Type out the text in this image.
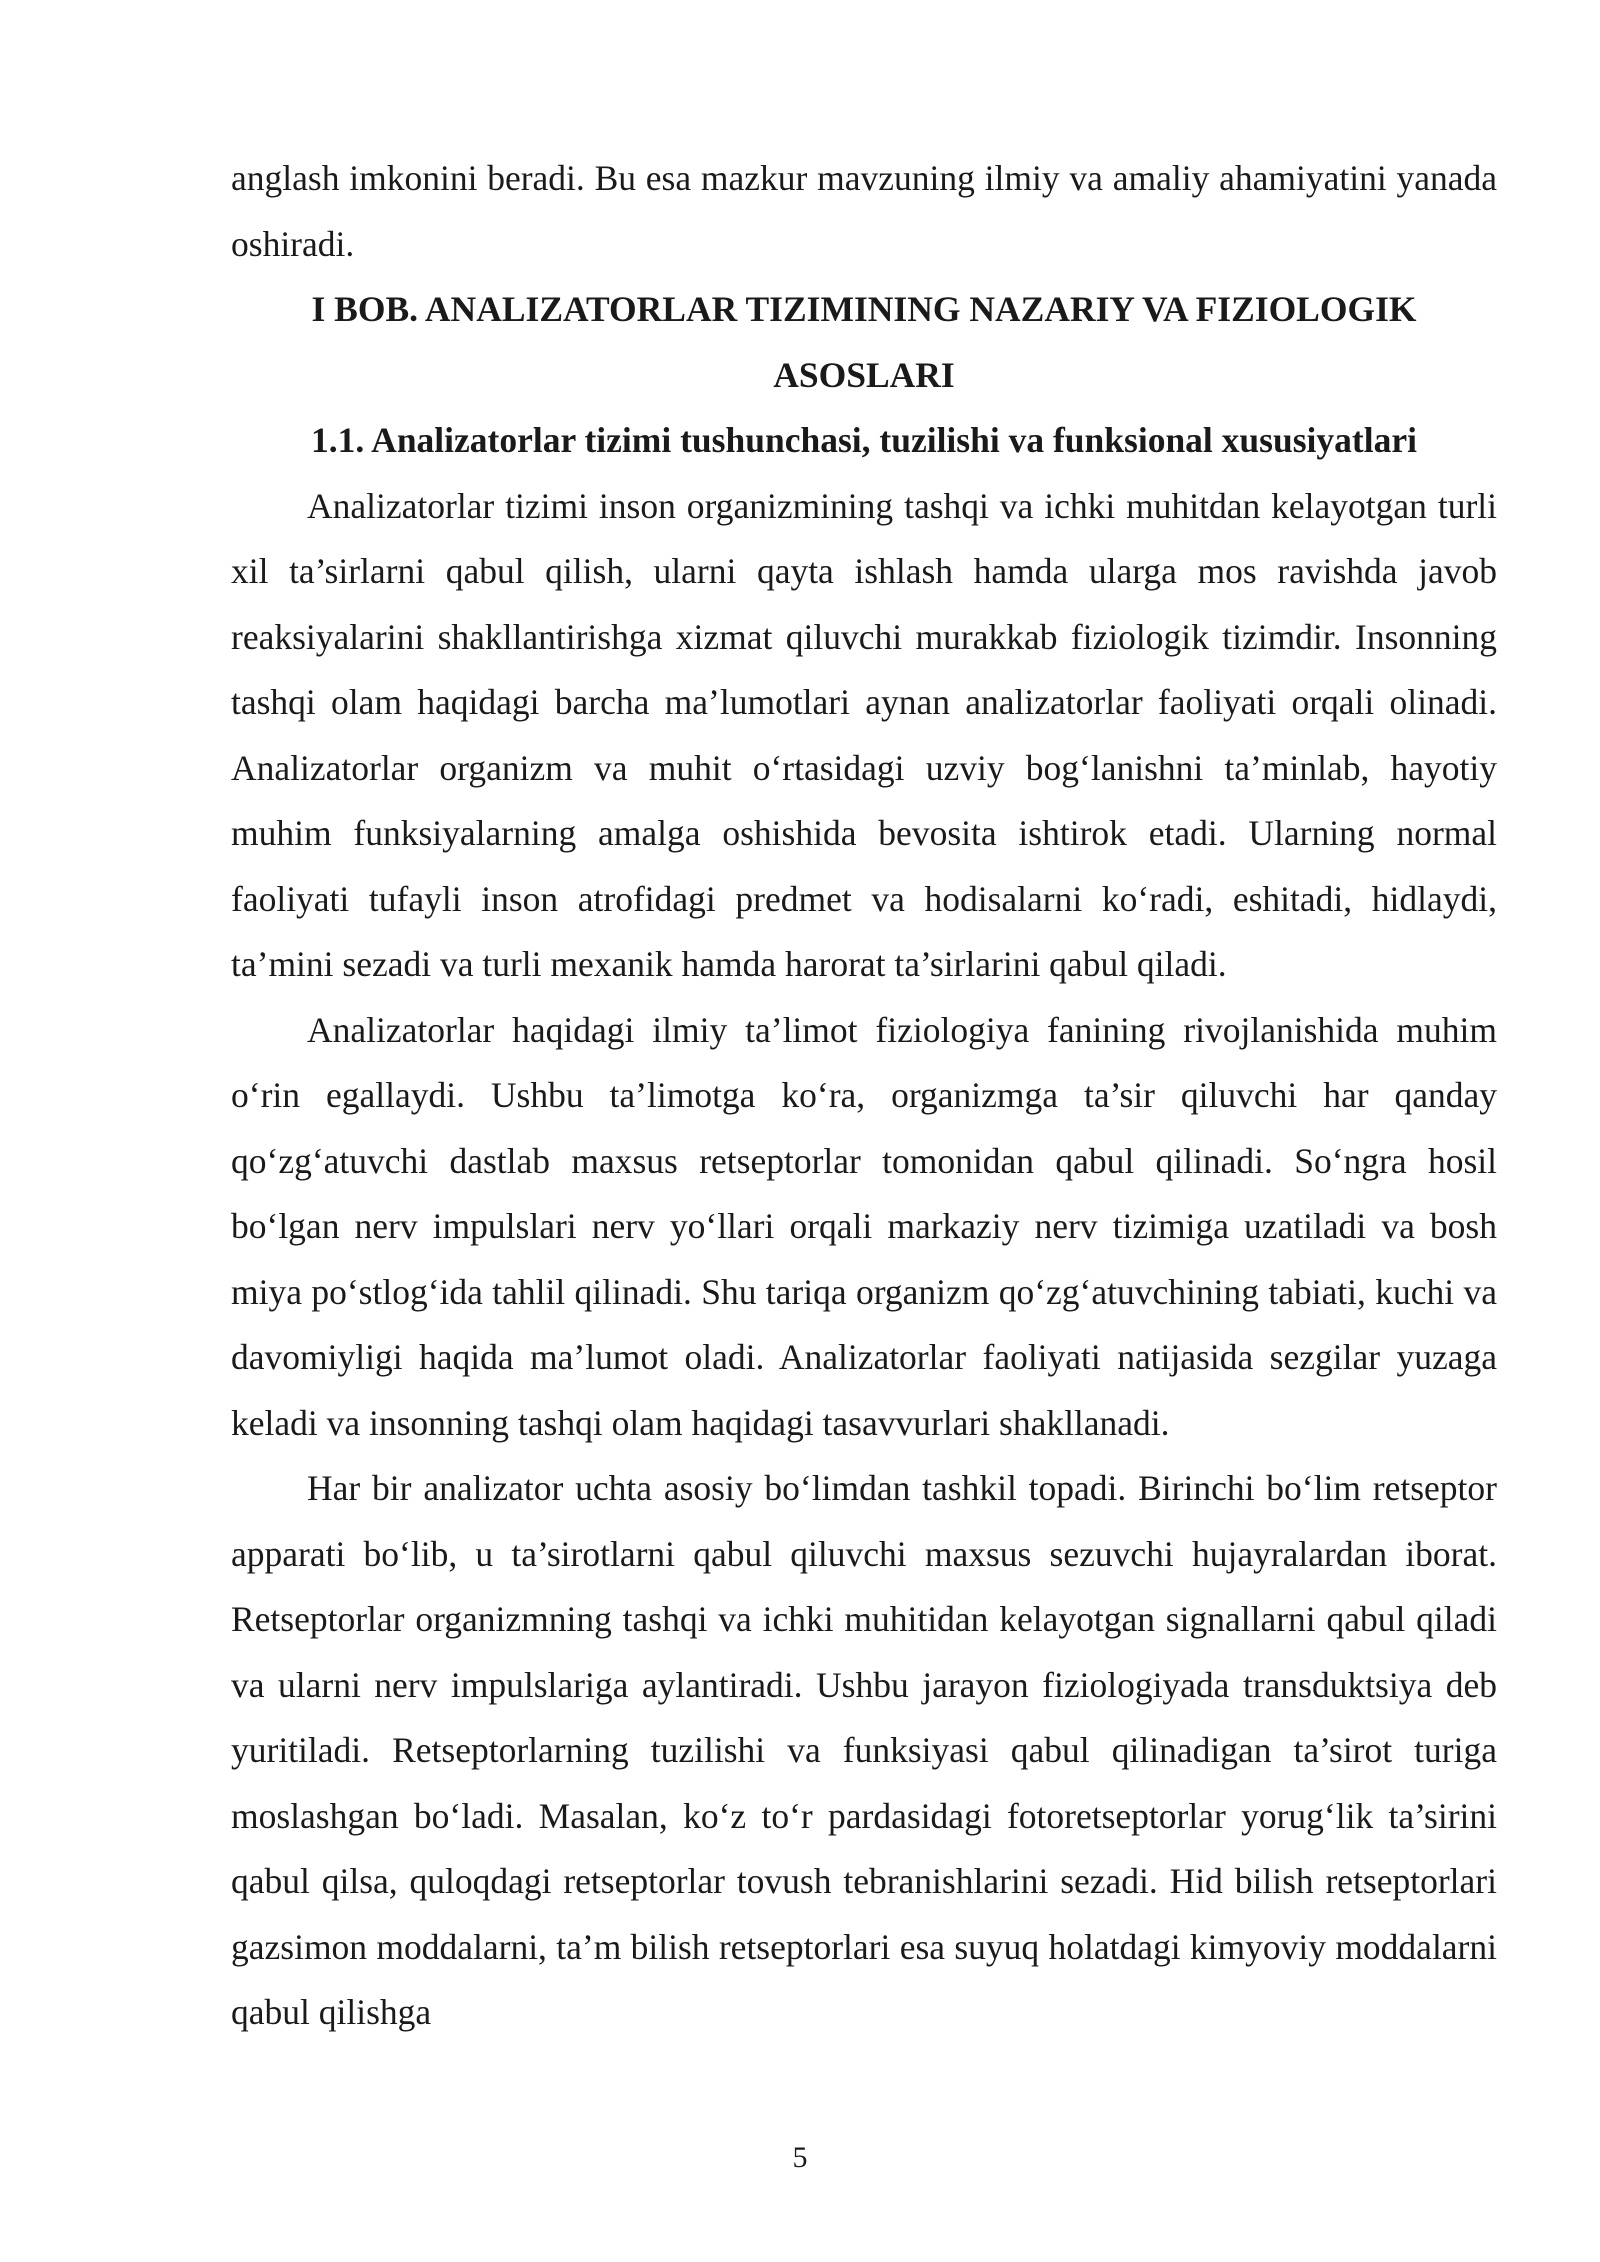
anglash imkonini beradi. Bu esa mazkur mavzuning ilmiy va amaliy ahamiyatini yanada oshiradi.

I BOB. ANALIZATORLAR TIZIMINING NAZARIY VA FIZIOLOGIK ASOSLARI
1.1. Analizatorlar tizimi tushunchasi, tuzilishi va funksional xususiyatlari

Analizatorlar tizimi inson organizmining tashqi va ichki muhitdan kelayotgan turli xil ta’sirlarni qabul qilish, ularni qayta ishlash hamda ularga mos ravishda javob reaksiyalarini shakllantirishga xizmat qiluvchi murakkab fiziologik tizimdir. Insonning tashqi olam haqidagi barcha ma’lumotlari aynan analizatorlar faoliyati orqali olinadi. Analizatorlar organizm va muhit o‘rtasidagi uzviy bog‘lanishni ta’minlab, hayotiy muhim funksiyalarning amalga oshishida bevosita ishtirok etadi. Ularning normal faoliyati tufayli inson atrofidagi predmet va hodisalarni ko‘radi, eshitadi, hidlaydi, ta’mini sezadi va turli mexanik hamda harorat ta’sirlarini qabul qiladi.

Analizatorlar haqidagi ilmiy ta’limot fiziologiya fanining rivojlanishida muhim o‘rin egallaydi. Ushbu ta’limotga ko‘ra, organizmga ta’sir qiluvchi har qanday qo‘zg‘atuvchi dastlab maxsus retseptorlar tomonidan qabul qilinadi. So‘ngra hosil bo‘lgan nerv impulslari nerv yo‘llari orqali markaziy nerv tizimiga uzatiladi va bosh miya po‘stlog‘ida tahlil qilinadi. Shu tariqa organizm qo‘zg‘atuvchining tabiati, kuchi va davomiyligi haqida ma’lumot oladi. Analizatorlar faoliyati natijasida sezgilar yuzaga keladi va insonning tashqi olam haqidagi tasavvurlari shakllanadi.

Har bir analizator uchta asosiy bo‘limdan tashkil topadi. Birinchi bo‘lim retseptor apparati bo‘lib, u ta’sirotlarni qabul qiluvchi maxsus sezuvchi hujayralardan iborat. Retseptorlar organizmning tashqi va ichki muhitidan kelayotgan signallarni qabul qiladi va ularni nerv impulslariga aylantiradi. Ushbu jarayon fiziologiyada transduktsiya deb yuritiladi. Retseptorlarning tuzilishi va funksiyasi qabul qilinadigan ta’sirot turiga moslashgan bo‘ladi. Masalan, ko‘z to‘r pardasidagi fotoretseptorlar yorug‘lik ta’sirini qabul qilsa, quloqdagi retseptorlar tovush tebranishlarini sezadi. Hid bilish retseptorlari gazsimon moddalarni, ta’m bilish retseptorlari esa suyuq holatdagi kimyoviy moddalarni qabul qilishga

5
